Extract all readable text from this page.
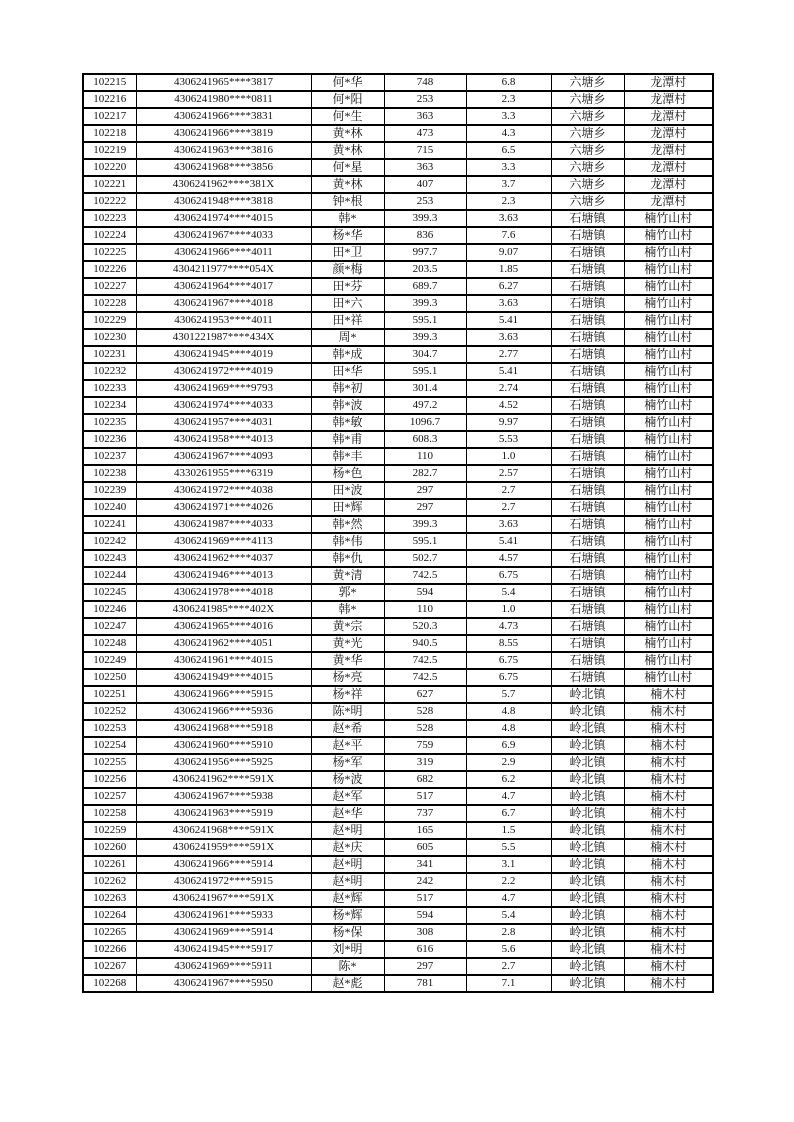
102215	4306241965****3817	何*华	748	6.8	六塘乡	龙潭村
102216	4306241980****0811	何*阳	253	2.3	六塘乡	龙潭村
102217	4306241966****3831	何*生	363	3.3	六塘乡	龙潭村
102218	4306241966****3819	黄*林	473	4.3	六塘乡	龙潭村
102219	4306241963****3816	黄*林	715	6.5	六塘乡	龙潭村
102220	4306241968****3856	何*星	363	3.3	六塘乡	龙潭村
102221	4306241962****381X	黄*林	407	3.7	六塘乡	龙潭村
102222	4306241948****3818	钟*根	253	2.3	六塘乡	龙潭村
102223	4306241974****4015	韩*	399.3	3.63	石塘镇	楠竹山村
102224	4306241967****4033	杨*华	836	7.6	石塘镇	楠竹山村
102225	4306241966****4011	田*卫	997.7	9.07	石塘镇	楠竹山村
102226	4304211977****054X	颜*梅	203.5	1.85	石塘镇	楠竹山村
102227	4306241964****4017	田*芬	689.7	6.27	石塘镇	楠竹山村
102228	4306241967****4018	田*六	399.3	3.63	石塘镇	楠竹山村
102229	4306241953****4011	田*祥	595.1	5.41	石塘镇	楠竹山村
102230	4301221987****434X	周*	399.3	3.63	石塘镇	楠竹山村
102231	4306241945****4019	韩*成	304.7	2.77	石塘镇	楠竹山村
102232	4306241972****4019	田*华	595.1	5.41	石塘镇	楠竹山村
102233	4306241969****9793	韩*初	301.4	2.74	石塘镇	楠竹山村
102234	4306241974****4033	韩*波	497.2	4.52	石塘镇	楠竹山村
102235	4306241957****4031	韩*敏	1096.7	9.97	石塘镇	楠竹山村
102236	4306241958****4013	韩*甫	608.3	5.53	石塘镇	楠竹山村
102237	4306241967****4093	韩*丰	110	1.0	石塘镇	楠竹山村
102238	4330261955****6319	杨*色	282.7	2.57	石塘镇	楠竹山村
102239	4306241972****4038	田*波	297	2.7	石塘镇	楠竹山村
102240	4306241971****4026	田*辉	297	2.7	石塘镇	楠竹山村
102241	4306241987****4033	韩*然	399.3	3.63	石塘镇	楠竹山村
102242	4306241969****4113	韩*伟	595.1	5.41	石塘镇	楠竹山村
102243	4306241962****4037	韩*仇	502.7	4.57	石塘镇	楠竹山村
102244	4306241946****4013	黄*清	742.5	6.75	石塘镇	楠竹山村
102245	4306241978****4018	郭*	594	5.4	石塘镇	楠竹山村
102246	4306241985****402X	韩*	110	1.0	石塘镇	楠竹山村
102247	4306241965****4016	黄*宗	520.3	4.73	石塘镇	楠竹山村
102248	4306241962****4051	黄*光	940.5	8.55	石塘镇	楠竹山村
102249	4306241961****4015	黄*华	742.5	6.75	石塘镇	楠竹山村
102250	4306241949****4015	杨*亮	742.5	6.75	石塘镇	楠竹山村
102251	4306241966****5915	杨*祥	627	5.7	岭北镇	楠木村
102252	4306241966****5936	陈*明	528	4.8	岭北镇	楠木村
102253	4306241968****5918	赵*希	528	4.8	岭北镇	楠木村
102254	4306241960****5910	赵*平	759	6.9	岭北镇	楠木村
102255	4306241956****5925	杨*军	319	2.9	岭北镇	楠木村
102256	4306241962****591X	杨*波	682	6.2	岭北镇	楠木村
102257	4306241967****5938	赵*军	517	4.7	岭北镇	楠木村
102258	4306241963****5919	赵*华	737	6.7	岭北镇	楠木村
102259	4306241968****591X	赵*明	165	1.5	岭北镇	楠木村
102260	4306241959****591X	赵*庆	605	5.5	岭北镇	楠木村
102261	4306241966****5914	赵*明	341	3.1	岭北镇	楠木村
102262	4306241972****5915	赵*明	242	2.2	岭北镇	楠木村
102263	4306241967****591X	赵*辉	517	4.7	岭北镇	楠木村
102264	4306241961****5933	杨*辉	594	5.4	岭北镇	楠木村
102265	4306241969****5914	杨*保	308	2.8	岭北镇	楠木村
102266	4306241945****5917	刘*明	616	5.6	岭北镇	楠木村
102267	4306241969****5911	陈*	297	2.7	岭北镇	楠木村
102268	4306241967****5950	赵*彪	781	7.1	岭北镇	楠木村
